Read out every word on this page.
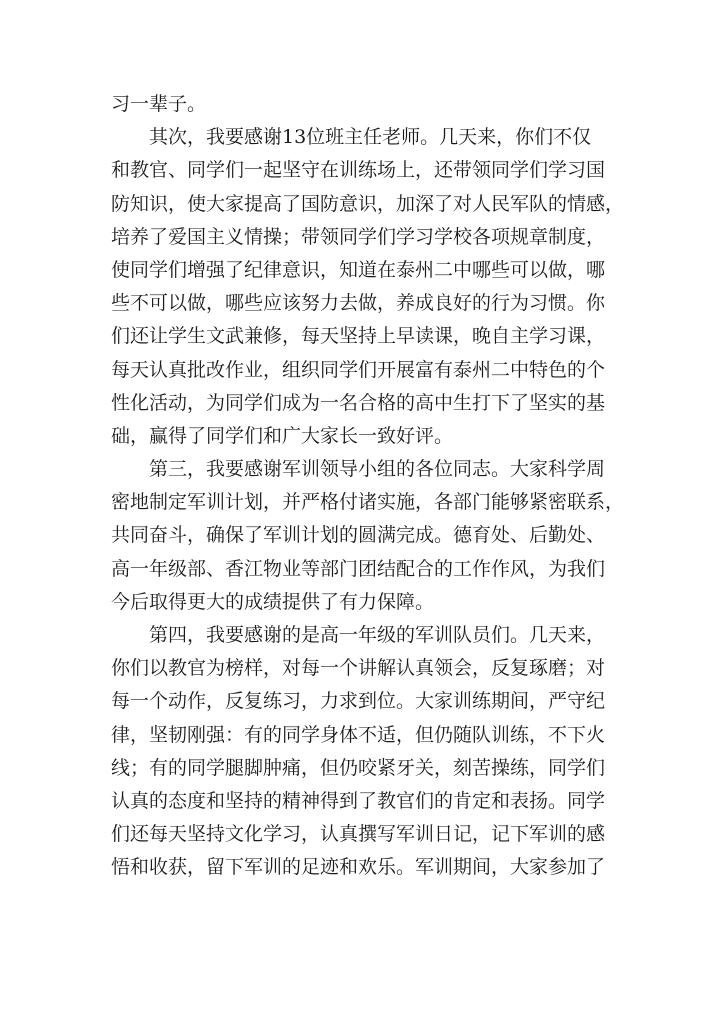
习一辈子。
其次，我要感谢13位班主任老师。几天来，你们不仅
和教官、同学们一起坚守在训练场上，还带领同学们学习国
防知识，使大家提高了国防意识，加深了对人民军队的情感，
培养了爱国主义情操；带领同学们学习学校各项规章制度，
使同学们增强了纪律意识，知道在泰州二中哪些可以做，哪
些不可以做，哪些应该努力去做，养成良好的行为习惯。你
们还让学生文武兼修，每天坚持上早读课，晚自主学习课，
每天认真批改作业，组织同学们开展富有泰州二中特色的个
性化活动，为同学们成为一名合格的高中生打下了坚实的基
础，赢得了同学们和广大家长一致好评。
第三，我要感谢军训领导小组的各位同志。大家科学周
密地制定军训计划，并严格付诸实施，各部门能够紧密联系，
共同奋斗，确保了军训计划的圆满完成。德育处、后勤处、
高一年级部、香江物业等部门团结配合的工作作风，为我们
今后取得更大的成绩提供了有力保障。
第四，我要感谢的是高一年级的军训队员们。几天来，
你们以教官为榜样，对每一个讲解认真领会，反复琢磨；对
每一个动作，反复练习，力求到位。大家训练期间，严守纪
律，坚韧刚强：有的同学身体不适，但仍随队训练，不下火
线；有的同学腿脚肿痛，但仍咬紧牙关，刻苦操练，同学们
认真的态度和坚持的精神得到了教官们的肯定和表扬。同学
们还每天坚持文化学习，认真撰写军训日记，记下军训的感
悟和收获，留下军训的足迹和欢乐。军训期间，大家参加了
